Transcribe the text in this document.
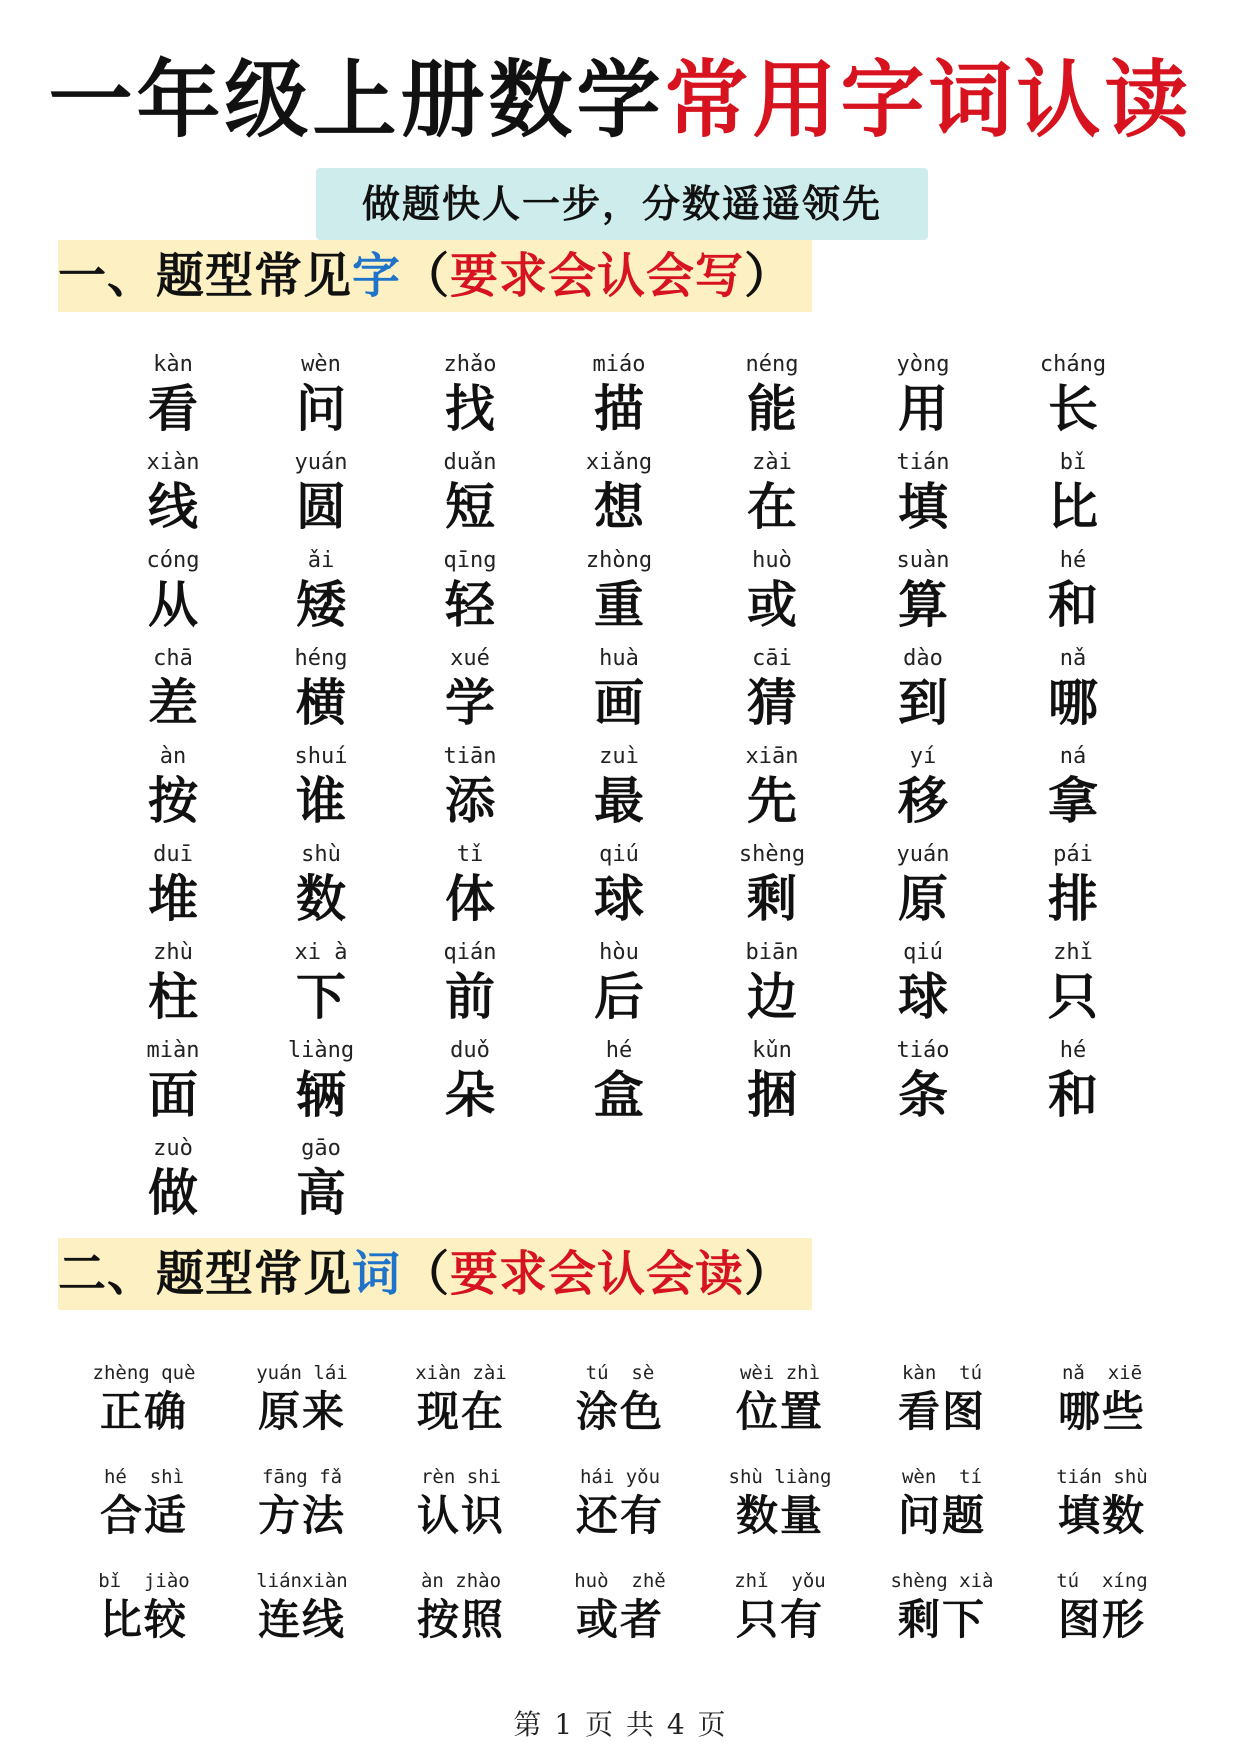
一年级上册数学常用字词认读
做题快人一步，分数遥遥领先
一、题型常见字（要求会认会写）
kàn
看
wèn
问
zhǎo
找
miáo
描
néng
能
yòng
用
cháng
长
xiàn
线
yuán
圆
duǎn
短
xiǎng
想
zài
在
tián
填
bǐ
比
cóng
从
ǎi
矮
qīng
轻
zhòng
重
huò
或
suàn
算
hé
和
chā
差
héng
横
xué
学
huà
画
cāi
猜
dào
到
nǎ
哪
àn
按
shuí
谁
tiān
添
zuì
最
xiān
先
yí
移
ná
拿
duī
堆
shù
数
tǐ
体
qiú
球
shèng
剩
yuán
原
pái
排
zhù
柱
xi à
下
qián
前
hòu
后
biān
边
qiú
球
zhǐ
只
miàn
面
liàng
辆
duǒ
朵
hé
盒
kǔn
捆
tiáo
条
hé
和
zuò
做
gāo
高
二、题型常见词（要求会认会读）
zhèng què
正确
yuán lái
原来
xiàn zài
现在
tú  sè
涂色
wèi zhì
位置
kàn  tú
看图
nǎ  xiē
哪些
hé  shì
合适
fāng fǎ
方法
rèn shi
认识
hái yǒu
还有
shù liàng
数量
wèn  tí
问题
tián shù
填数
bǐ  jiào
比较
liánxiàn
连线
àn zhào
按照
huò  zhě
或者
zhǐ  yǒu
只有
shèng xià
剩下
tú  xíng
图形
第 1 页 共 4 页
